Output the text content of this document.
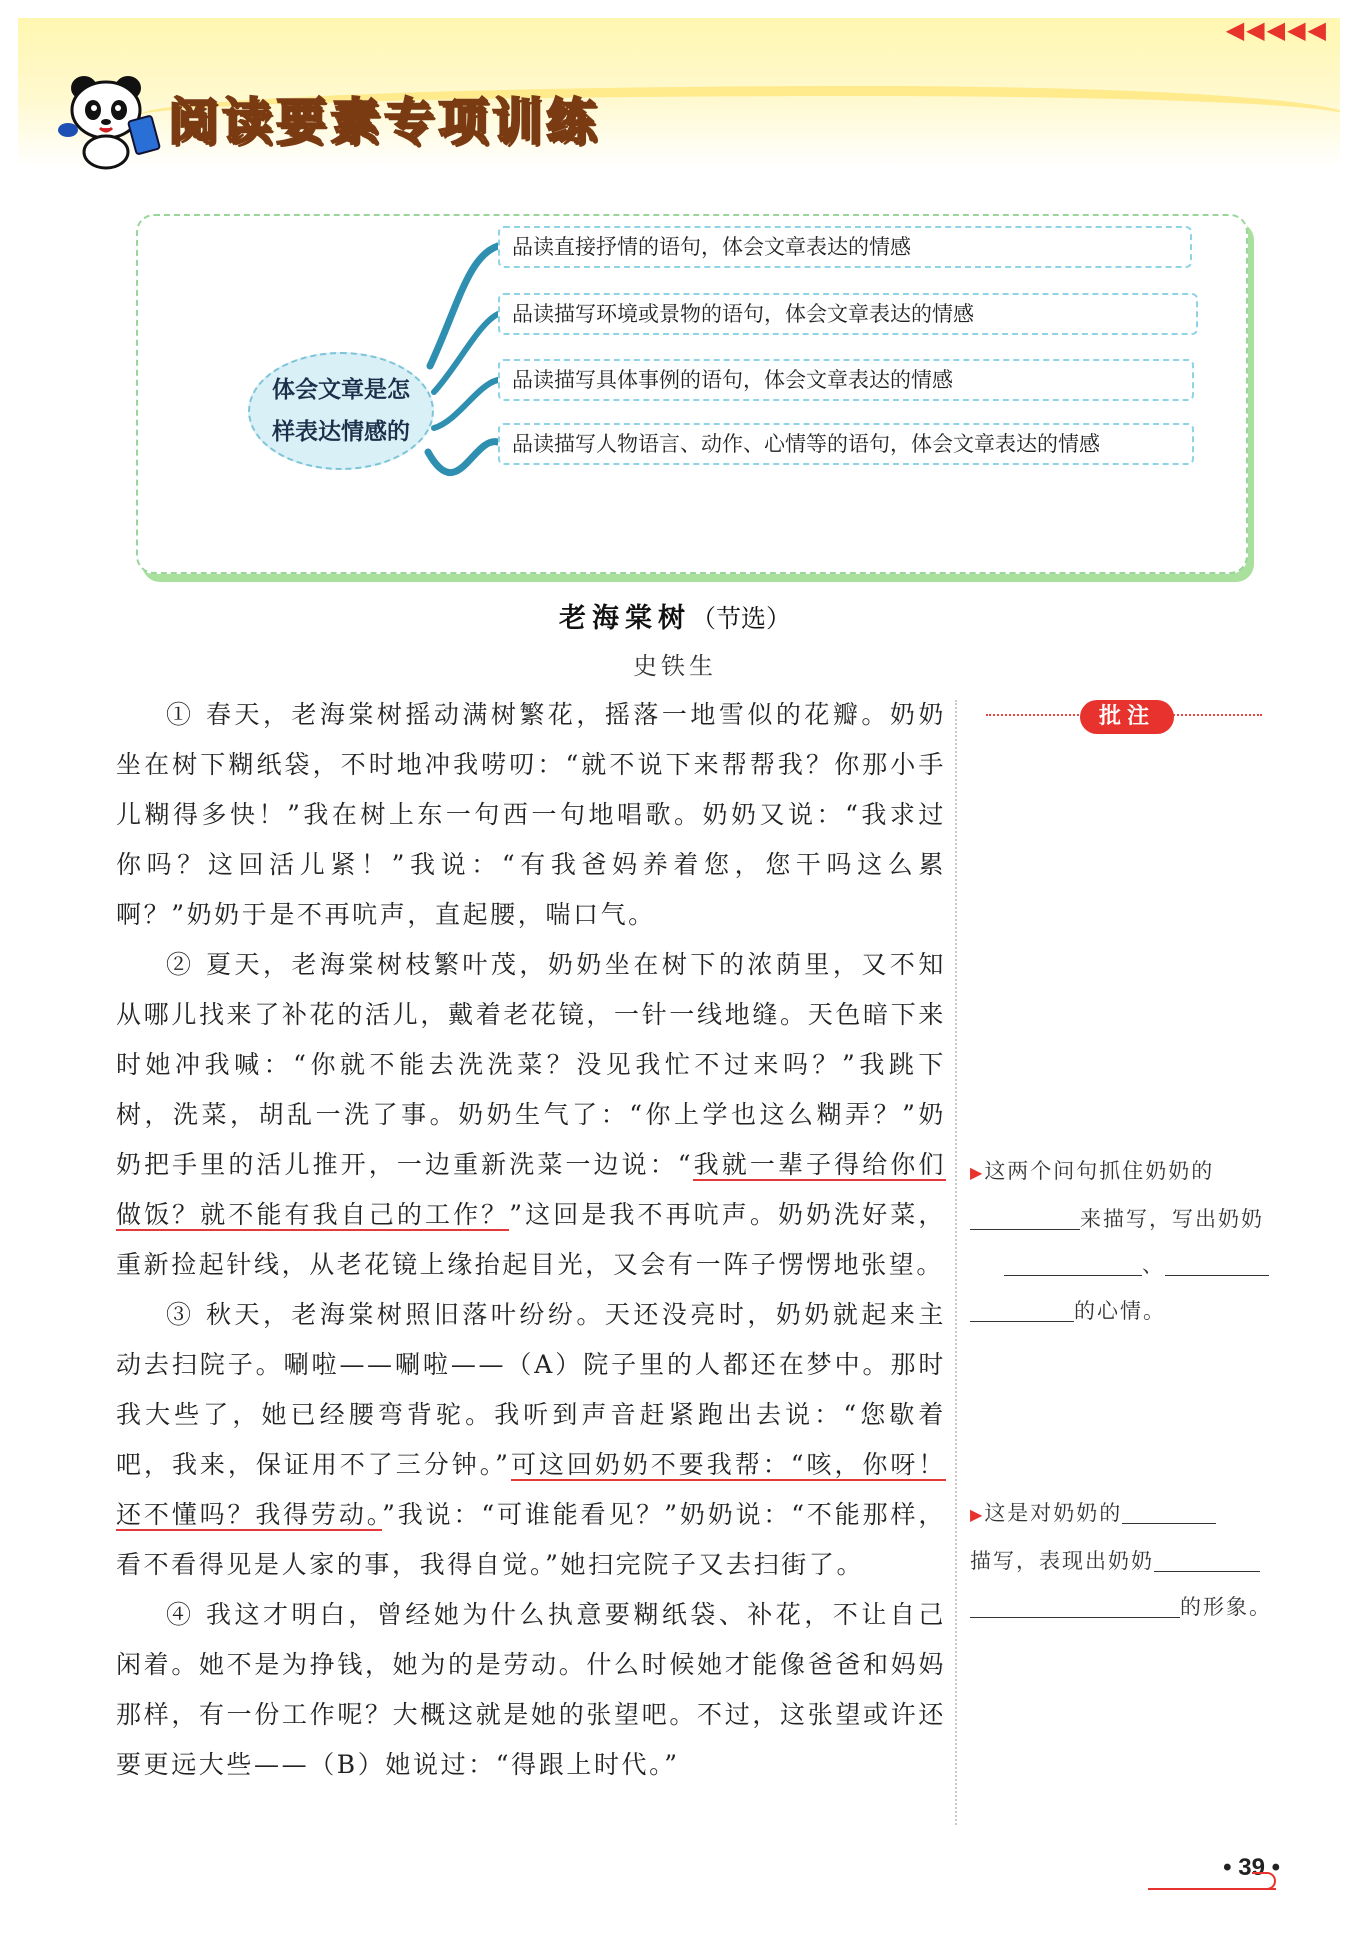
◀◀◀◀◀
阅读要素专项训练
体会文章是怎样表达情感的
品读直接抒情的语句，体会文章表达的情感
品读描写环境或景物的语句，体会文章表达的情感
品读描写具体事例的语句，体会文章表达的情感
品读描写人物语言、动作、心情等的语句，体会文章表达的情感
老海棠树（节选）
史铁生

① 春天，老海棠树摇动满树繁花，摇落一地雪似的花瓣。奶奶坐在树下糊纸袋，不时地冲我唠叨：“就不说下来帮帮我？你那小手儿糊得多快！”我在树上东一句西一句地唱歌。奶奶又说：“我求过你吗？这回活儿紧！”我说：“有我爸妈养着您，您干吗这么累啊？”奶奶于是不再吭声，直起腰，喘口气。

② 夏天，老海棠树枝繁叶茂，奶奶坐在树下的浓荫里，又不知从哪儿找来了补花的活儿，戴着老花镜，一针一线地缝。天色暗下来时她冲我喊：“你就不能去洗洗菜？没见我忙不过来吗？”我跳下树，洗菜，胡乱一洗了事。奶奶生气了：“你上学也这么糊弄？”奶奶把手里的活儿推开，一边重新洗菜一边说：“我就一辈子得给你们做饭？就不能有我自己的工作？”这回是我不再吭声。奶奶洗好菜，重新捡起针线，从老花镜上缘抬起目光，又会有一阵子愣愣地张望。

③ 秋天，老海棠树照旧落叶纷纷。天还没亮时，奶奶就起来主动去扫院子。唰啦——唰啦——（A）院子里的人都还在梦中。那时我大些了，她已经腰弯背驼。我听到声音赶紧跑出去说：“您歇着吧，我来，保证用不了三分钟。”可这回奶奶不要我帮：“咳，你呀！还不懂吗？我得劳动。”我说：“可谁能看见？”奶奶说：“不能那样，看不看得见是人家的事，我得自觉。”她扫完院子又去扫街了。

④ 我这才明白，曾经她为什么执意要糊纸袋、补花，不让自己闲着。她不是为挣钱，她为的是劳动。什么时候她才能像爸爸和妈妈那样，有一份工作呢？大概这就是她的张望吧。不过，这张望或许还要更远大些——（B）她说过：“得跟上时代。”

批注
▶这两个问句抓住奶奶的
来描写，写出奶奶
、
的心情。
▶这是对奶奶的
描写，表现出奶奶
的形象。
• 39 •
